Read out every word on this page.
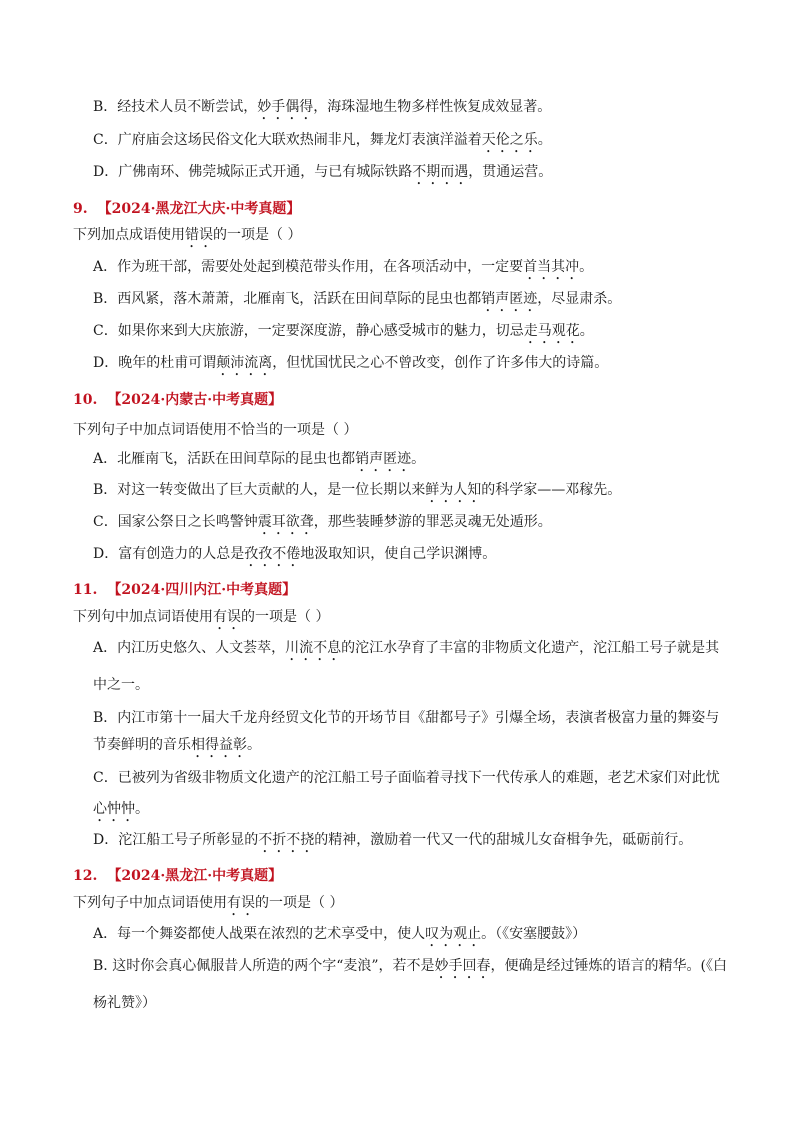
B．经技术人员不断尝试，妙手偶得，海珠湿地生物多样性恢复成效显著。
C．广府庙会这场民俗文化大联欢热闹非凡，舞龙灯表演洋溢着天伦之乐。
D．广佛南环、佛莞城际正式开通，与已有城际铁路不期而遇，贯通运营。
9. 【2024·黑龙江大庆·中考真题】
下列加点成语使用错误的一项是（ ）
A．作为班干部，需要处处起到模范带头作用，在各项活动中，一定要首当其冲。
B．西风紧，落木萧萧，北雁南飞，活跃在田间草际的昆虫也都销声匿迹，尽显肃杀。
C．如果你来到大庆旅游，一定要深度游，静心感受城市的魅力，切忌走马观花。
D．晚年的杜甫可谓颠沛流离，但忧国忧民之心不曾改变，创作了许多伟大的诗篇。
10. 【2024·内蒙古·中考真题】
下列句子中加点词语使用不恰当的一项是（ ）
A．北雁南飞，活跃在田间草际的昆虫也都销声匿迹。
B．对这一转变做出了巨大贡献的人，是一位长期以来鲜为人知的科学家——邓稼先。
C．国家公祭日之长鸣警钟震耳欲聋，那些装睡梦游的罪恶灵魂无处遁形。
D．富有创造力的人总是孜孜不倦地汲取知识，使自己学识渊博。
11. 【2024·四川内江·中考真题】
下列句中加点词语使用有误的一项是（ ）
A．内江历史悠久、人文荟萃，川流不息的沱江水孕育了丰富的非物质文化遗产，沱江船工号子就是其
中之一。
B．内江市第十一届大千龙舟经贸文化节的开场节目《甜都号子》引爆全场，表演者极富力量的舞姿与
节奏鲜明的音乐相得益彰。
C．已被列为省级非物质文化遗产的沱江船工号子面临着寻找下一代传承人的难题，老艺术家们对此忧
心忡忡。
D．沱江船工号子所彰显的不折不挠的精神，激励着一代又一代的甜城儿女奋楫争先，砥砺前行。
12. 【2024·黑龙江·中考真题】
下列句子中加点词语使用有误的一项是（ ）
A．每一个舞姿都使人战栗在浓烈的艺术享受中，使人叹为观止。（《安塞腰鼓》）
B. 这时你会真心佩服昔人所造的两个字“麦浪”，若不是妙手回春，便确是经过锤炼的语言的精华。(《白
杨礼赞》）
